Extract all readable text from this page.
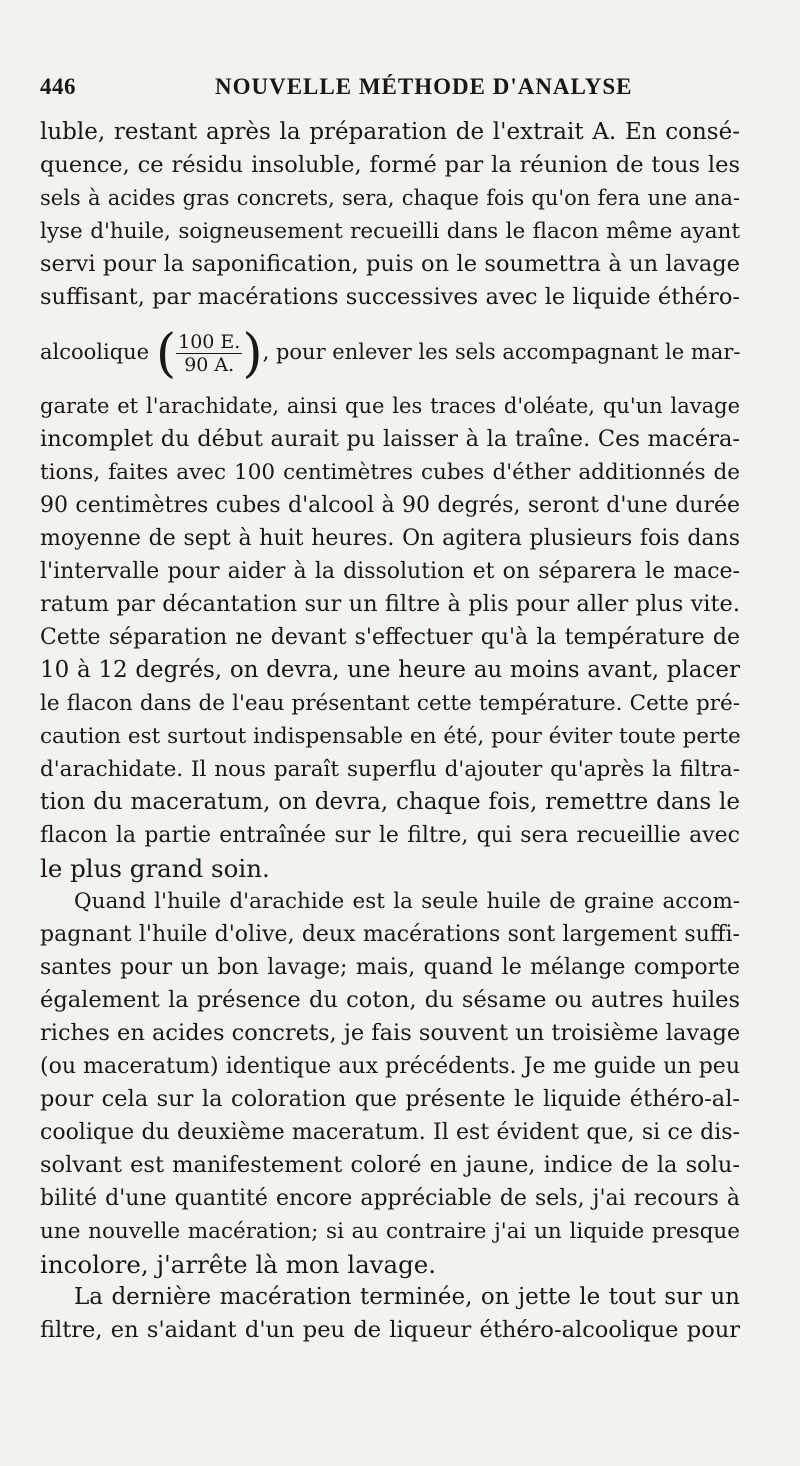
446	NOUVELLE MÉTHODE D'ANALYSE
luble, restant après la préparation de l'extrait A. En consé-
quence, ce résidu insoluble, formé par la réunion de tous les
sels à acides gras concrets, sera, chaque fois qu'on fera une ana-
lyse d'huile, soigneusement recueilli dans le flacon même ayant
servi pour la saponification, puis on le soumettra à un lavage
suffisant, par macérations successives avec le liquide éthéro-
alcoolique ( $\frac{100 E.}{90 A.}$ ) , pour enlever les sels accompagnant le mar-
garate et l'arachidate, ainsi que les traces d'oléate, qu'un lavage
incomplet du début aurait pu laisser à la traîne. Ces macéra-
tions, faites avec 100 centimètres cubes d'éther additionnés de
90 centimètres cubes d'alcool à 90 degrés, seront d'une durée
moyenne de sept à huit heures. On agitera plusieurs fois dans
l'intervalle pour aider à la dissolution et on séparera le mace-
ratum par décantation sur un filtre à plis pour aller plus vite.
Cette séparation ne devant s'effectuer qu'à la température de
10 à 12 degrés, on devra, une heure au moins avant, placer
le flacon dans de l'eau présentant cette température. Cette pré-
caution est surtout indispensable en été, pour éviter toute perte
d'arachidate. Il nous paraît superflu d'ajouter qu'après la filtra-
tion du maceratum, on devra, chaque fois, remettre dans le
flacon la partie entraînée sur le filtre, qui sera recueillie avec
le plus grand soin.
Quand l'huile d'arachide est la seule huile de graine accom-
pagnant l'huile d'olive, deux macérations sont largement suffi-
santes pour un bon lavage; mais, quand le mélange comporte
également la présence du coton, du sésame ou autres huiles
riches en acides concrets, je fais souvent un troisième lavage
(ou maceratum) identique aux précédents. Je me guide un peu
pour cela sur la coloration que présente le liquide éthéro-al-
coolique du deuxième maceratum. Il est évident que, si ce dis-
solvant est manifestement coloré en jaune, indice de la solu-
bilité d'une quantité encore appréciable de sels, j'ai recours à
une nouvelle macération; si au contraire j'ai un liquide presque
incolore, j'arrête là mon lavage.
La dernière macération terminée, on jette le tout sur un
filtre, en s'aidant d'un peu de liqueur éthéro-alcoolique pour
